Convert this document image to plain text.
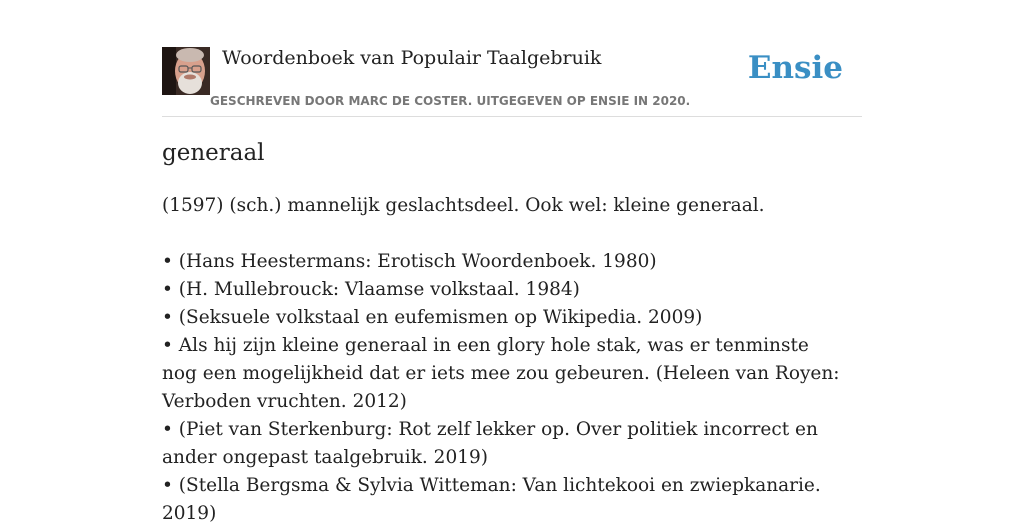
Woordenboek van Populair Taalgebruik	Ensie
GESCHREVEN DOOR MARC DE COSTER. UITGEGEVEN OP ENSIE IN 2020.
generaal

(1597) (sch.) mannelijk geslachtsdeel. Ook wel: kleine generaal.

• (Hans Heestermans: Erotisch Woordenboek. 1980)

• (H. Mullebrouck: Vlaamse volkstaal. 1984)

• (Seksuele volkstaal en eufemismen op Wikipedia. 2009)

• Als hij zijn kleine generaal in een glory hole stak, was er tenminste nog een mogelijkheid dat er iets mee zou gebeuren. (Heleen van Royen: Verboden vruchten. 2012)

• (Piet van Sterkenburg: Rot zelf lekker op. Over politiek incorrect en ander ongepast taalgebruik. 2019)

• (Stella Bergsma & Sylvia Witteman: Van lichtekooi en zwiepkanarie. 2019)
